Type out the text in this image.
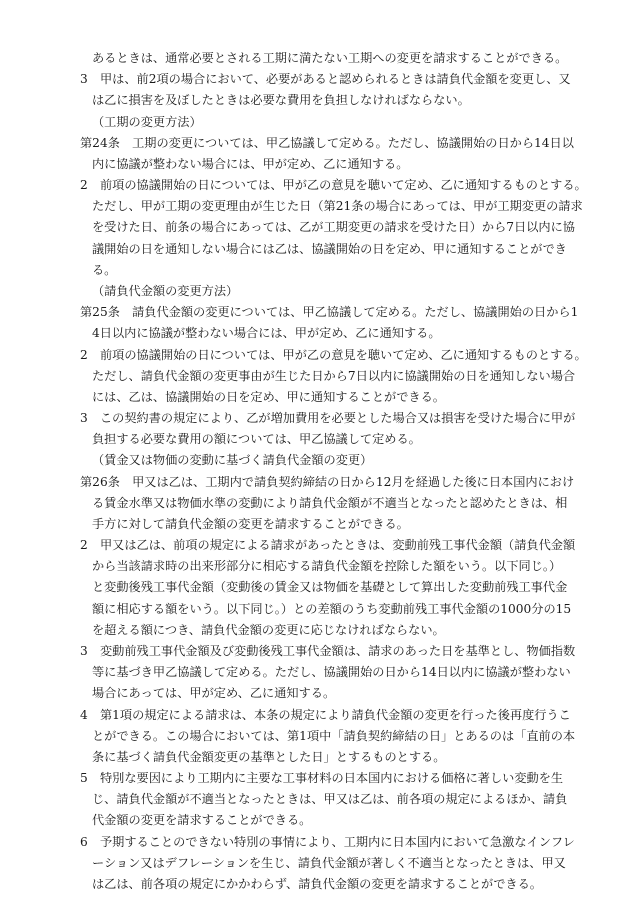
あるときは、通常必要とされる工期に満たない工期への変更を請求することができる。
3　甲は、前2項の場合において、必要があると認められるときは請負代金額を変更し、又
は乙に損害を及ぼしたときは必要な費用を負担しなければならない。
（工期の変更方法）
第24条　工期の変更については、甲乙協議して定める。ただし、協議開始の日から14日以
内に協議が整わない場合には、甲が定め、乙に通知する。
2　前項の協議開始の日については、甲が乙の意見を聴いて定め、乙に通知するものとする。
ただし、甲が工期の変更理由が生じた日（第21条の場合にあっては、甲が工期変更の請求
を受けた日、前条の場合にあっては、乙が工期変更の請求を受けた日）から7日以内に協
議開始の日を通知しない場合には乙は、協議開始の日を定め、甲に通知することができ
る。
（請負代金額の変更方法）
第25条　請負代金額の変更については、甲乙協議して定める。ただし、協議開始の日から1
4日以内に協議が整わない場合には、甲が定め、乙に通知する。
2　前項の協議開始の日については、甲が乙の意見を聴いて定め、乙に通知するものとする。
ただし、請負代金額の変更事由が生じた日から7日以内に協議開始の日を通知しない場合
には、乙は、協議開始の日を定め、甲に通知することができる。
3　この契約書の規定により、乙が増加費用を必要とした場合又は損害を受けた場合に甲が
負担する必要な費用の額については、甲乙協議して定める。
（賃金又は物価の変動に基づく請負代金額の変更）
第26条　甲又は乙は、工期内で請負契約締結の日から12月を経過した後に日本国内におけ
る賃金水準又は物価水準の変動により請負代金額が不適当となったと認めたときは、相
手方に対して請負代金額の変更を請求することができる。
2　甲又は乙は、前項の規定による請求があったときは、変動前残工事代金額（請負代金額
から当該請求時の出来形部分に相応する請負代金額を控除した額をいう。以下同じ。）
と変動後残工事代金額（変動後の賃金又は物価を基礎として算出した変動前残工事代金
額に相応する額をいう。以下同じ。）との差額のうち変動前残工事代金額の1000分の15
を超える額につき、請負代金額の変更に応じなければならない。
3　変動前残工事代金額及び変動後残工事代金額は、請求のあった日を基準とし、物価指数
等に基づき甲乙協議して定める。ただし、協議開始の日から14日以内に協議が整わない
場合にあっては、甲が定め、乙に通知する。
4　第1項の規定による請求は、本条の規定により請負代金額の変更を行った後再度行うこ
とができる。この場合においては、第1項中「請負契約締結の日」とあるのは「直前の本
条に基づく請負代金額変更の基準とした日」とするものとする。
5　特別な要因により工期内に主要な工事材料の日本国内における価格に著しい変動を生
じ、請負代金額が不適当となったときは、甲又は乙は、前各項の規定によるほか、請負
代金額の変更を請求することができる。
6　予期することのできない特別の事情により、工期内に日本国内において急激なインフレ
ーション又はデフレーションを生じ、請負代金額が著しく不適当となったときは、甲又
は乙は、前各項の規定にかかわらず、請負代金額の変更を請求することができる。
